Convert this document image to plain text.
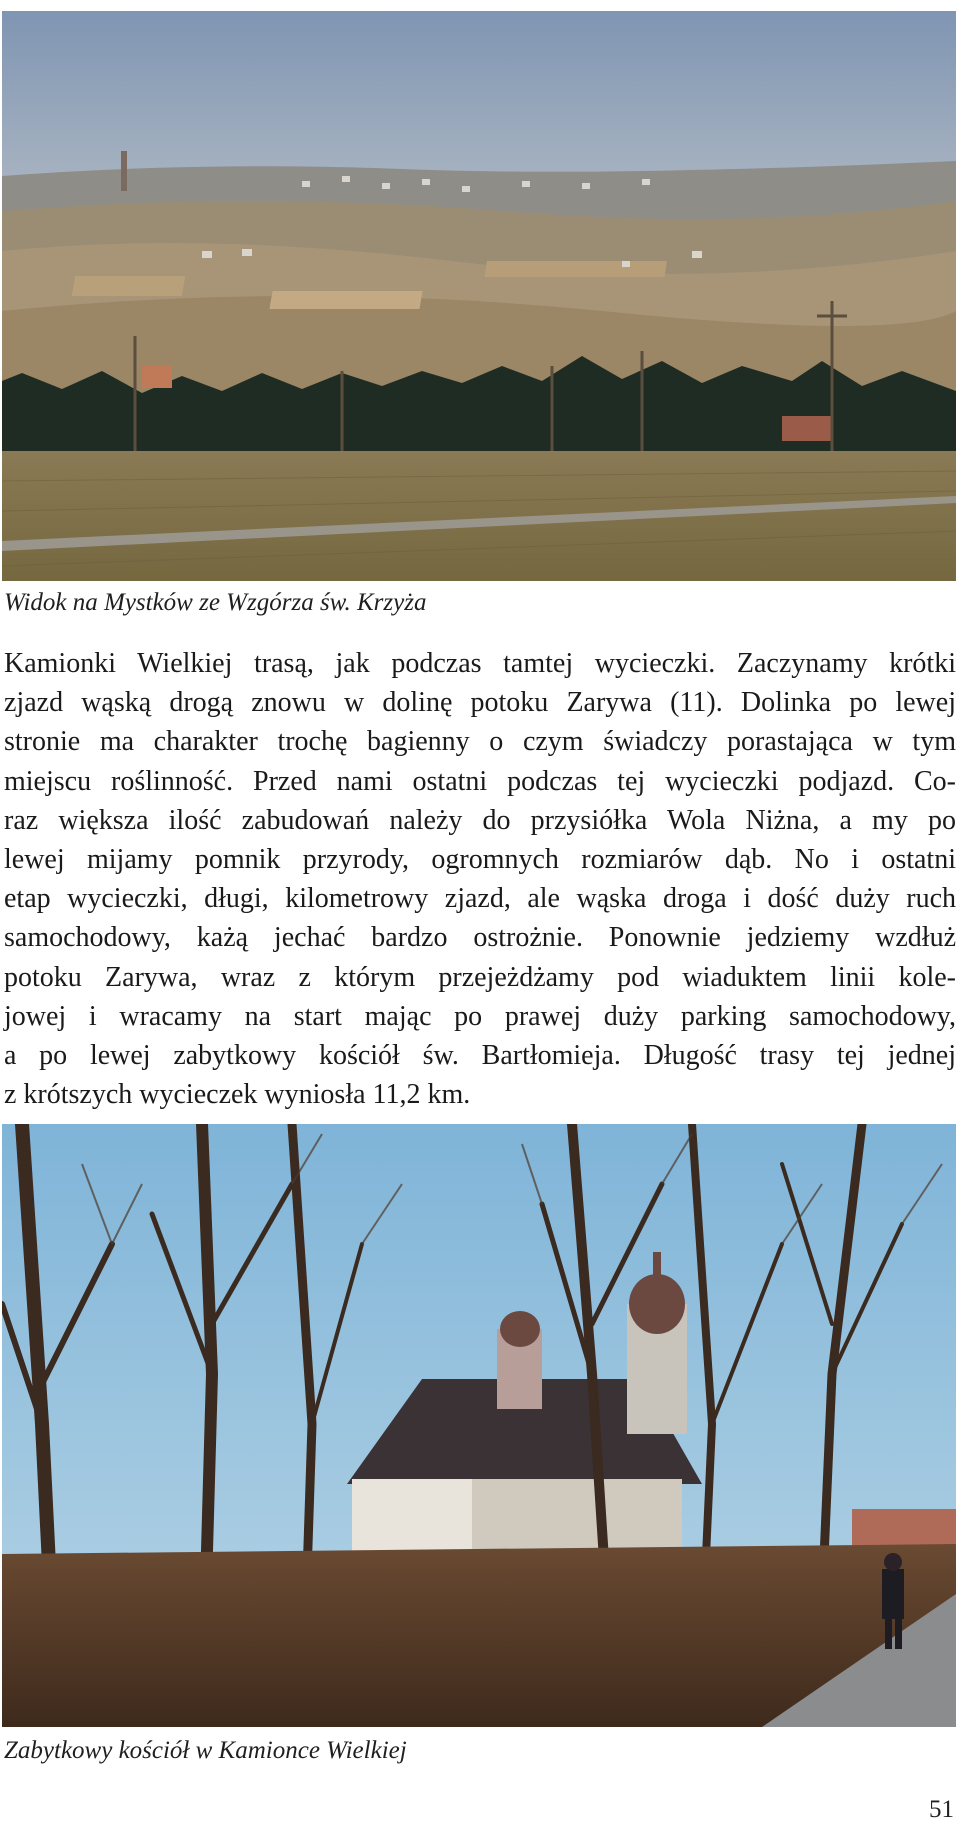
Widok na Mystków ze Wzgórza św. Krzyża
Kamionki Wielkiej trasą, jak podczas tamtej wycieczki. Zaczynamy krótki
zjazd wąską drogą znowu w dolinę potoku Zarywa (11). Dolinka po lewej
stronie ma charakter trochę bagienny o czym świadczy porastająca w tym
miejscu roślinność. Przed nami ostatni podczas tej wycieczki podjazd. Co-
raz większa ilość zabudowań należy do przysiółka Wola Niżna, a my po
lewej mijamy pomnik przyrody, ogromnych rozmiarów dąb. No i ostatni
etap wycieczki, długi, kilometrowy zjazd, ale wąska droga i dość duży ruch
samochodowy, każą jechać bardzo ostrożnie. Ponownie jedziemy wzdłuż
potoku Zarywa, wraz z którym przejeżdżamy pod wiaduktem linii kole-
jowej i wracamy na start mając po prawej duży parking samochodowy,
a po lewej zabytkowy kościół św. Bartłomieja. Długość trasy tej jednej
z krótszych wycieczek wyniosła 11,2 km.
Zabytkowy kościół w Kamionce Wielkiej
51
